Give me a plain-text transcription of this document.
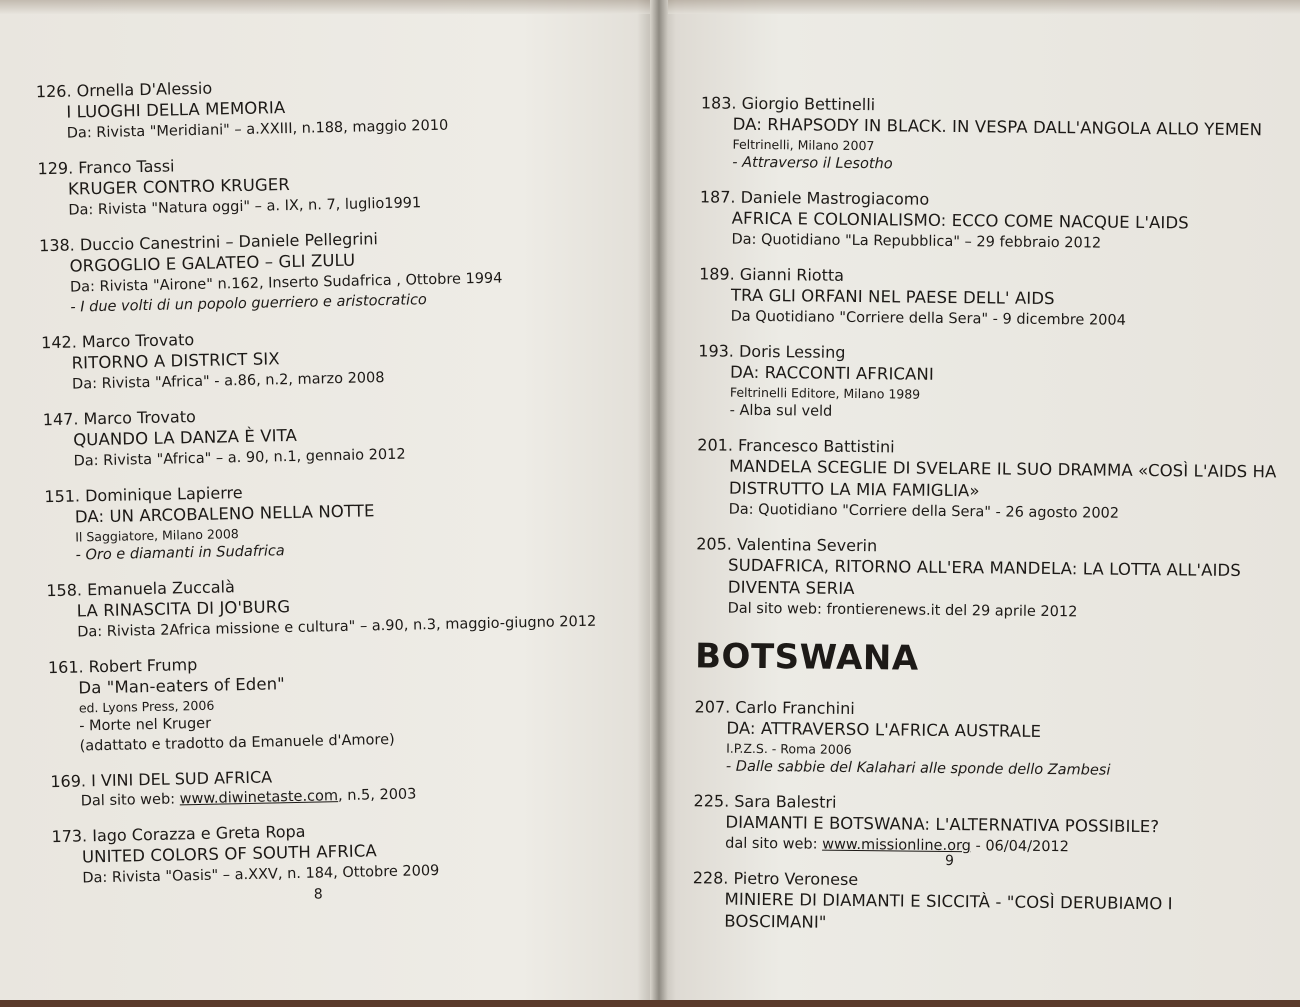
126. Ornella D'Alessio
I LUOGHI DELLA MEMORIA
Da: Rivista "Meridiani" – a.XXIII, n.188, maggio 2010
129. Franco Tassi
KRUGER CONTRO KRUGER
Da: Rivista "Natura oggi" – a. IX, n. 7, luglio1991
138. Duccio Canestrini – Daniele Pellegrini
ORGOGLIO E GALATEO – GLI ZULU
Da: Rivista "Airone" n.162, Inserto Sudafrica , Ottobre 1994
- I due volti di un popolo guerriero e aristocratico
142. Marco Trovato
RITORNO A DISTRICT SIX
Da: Rivista "Africa" - a.86, n.2, marzo 2008
147. Marco Trovato
QUANDO LA DANZA È VITA
Da: Rivista "Africa" – a. 90, n.1, gennaio 2012
151. Dominique Lapierre
DA: UN ARCOBALENO NELLA NOTTE
Il Saggiatore, Milano 2008
- Oro e diamanti in Sudafrica
158. Emanuela Zuccalà
LA RINASCITA DI JO'BURG
Da: Rivista 2Africa missione e cultura" – a.90, n.3, maggio-giugno 2012
161. Robert Frump
Da "Man-eaters of Eden"
ed. Lyons Press, 2006
- Morte nel Kruger
(adattato e tradotto da Emanuele d'Amore)
169. I VINI DEL SUD AFRICA
Dal sito web: www.diwinetaste.com, n.5, 2003
173. Iago Corazza e Greta Ropa
UNITED COLORS OF SOUTH AFRICA
Da: Rivista "Oasis" – a.XXV, n. 184, Ottobre 2009
8
183. Giorgio Bettinelli
DA: RHAPSODY IN BLACK. IN VESPA DALL'ANGOLA ALLO YEMEN
Feltrinelli, Milano 2007
- Attraverso il Lesotho
187. Daniele Mastrogiacomo
AFRICA E COLONIALISMO: ECCO COME NACQUE L'AIDS
Da: Quotidiano "La Repubblica" – 29 febbraio 2012
189. Gianni Riotta
TRA GLI ORFANI NEL PAESE DELL' AIDS
Da Quotidiano "Corriere della Sera" - 9 dicembre 2004
193. Doris Lessing
DA: RACCONTI AFRICANI
Feltrinelli Editore, Milano 1989
- Alba sul veld
201. Francesco Battistini
MANDELA SCEGLIE DI SVELARE IL SUO DRAMMA «COSÌ L'AIDS HA DISTRUTTO LA MIA FAMIGLIA»
Da: Quotidiano "Corriere della Sera" - 26 agosto 2002
205. Valentina Severin
SUDAFRICA, RITORNO ALL'ERA MANDELA: LA LOTTA ALL'AIDS DIVENTA SERIA
Dal sito web: frontierenews.it del 29 aprile 2012
BOTSWANA
207. Carlo Franchini
DA: ATTRAVERSO L'AFRICA AUSTRALE
I.P.Z.S. - Roma 2006
- Dalle sabbie del Kalahari alle sponde dello Zambesi
225. Sara Balestri
DIAMANTI E BOTSWANA: L'ALTERNATIVA POSSIBILE?
dal sito web: www.missionline.org - 06/04/2012
228. Pietro Veronese
MINIERE DI DIAMANTI E SICCITÀ - "COSÌ DERUBIAMO I BOSCIMANI"
9
